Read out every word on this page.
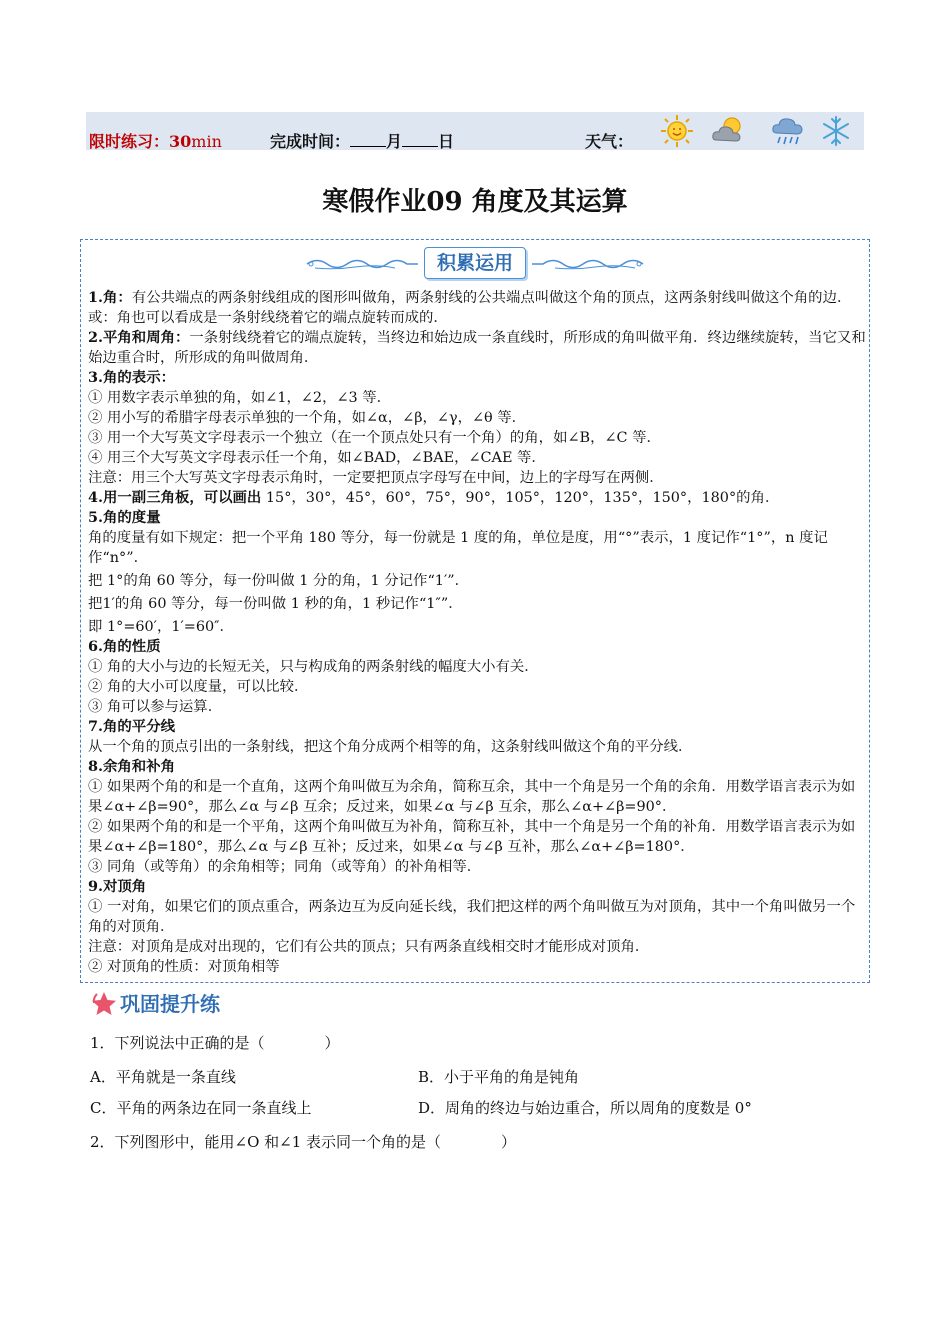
限时练习：30min	完成时间： 月 日	天气：
寒假作业09 角度及其运算
积累运用

1.角：有公共端点的两条射线组成的图形叫做角，两条射线的公共端点叫做这个角的顶点，这两条射线叫做这个角的边．或：角也可以看成是一条射线绕着它的端点旋转而成的．

2.平角和周角：一条射线绕着它的端点旋转，当终边和始边成一条直线时，所形成的角叫做平角．终边继续旋转，当它又和始边重合时，所形成的角叫做周角．

3.角的表示：

① 用数字表示单独的角，如∠1，∠2，∠3 等．

② 用小写的希腊字母表示单独的一个角，如∠α，∠β，∠γ，∠θ 等．

③ 用一个大写英文字母表示一个独立（在一个顶点处只有一个角）的角，如∠B，∠C 等．

④ 用三个大写英文字母表示任一个角，如∠BAD，∠BAE，∠CAE 等．

注意：用三个大写英文字母表示角时，一定要把顶点字母写在中间，边上的字母写在两侧．

4.用一副三角板，可以画出 15°，30°，45°，60°，75°，90°，105°，120°，135°，150°，180°的角．

5.角的度量

角的度量有如下规定：把一个平角 180 等分，每一份就是 1 度的角，单位是度，用“°”表示，1 度记作“1°”，n 度记作“n°”．

把 1°的角 60 等分，每一份叫做 1 分的角，1 分记作“1′”．

把1′的角 60 等分，每一份叫做 1 秒的角，1 秒记作“1″”．

即 1°=60′，1′=60″．

6.角的性质

① 角的大小与边的长短无关，只与构成角的两条射线的幅度大小有关．

② 角的大小可以度量，可以比较．

③ 角可以参与运算．

7.角的平分线

从一个角的顶点引出的一条射线，把这个角分成两个相等的角，这条射线叫做这个角的平分线．

8.余角和补角

① 如果两个角的和是一个直角，这两个角叫做互为余角，简称互余，其中一个角是另一个角的余角．用数学语言表示为如果∠α+∠β=90°，那么∠α 与∠β 互余；反过来，如果∠α 与∠β 互余，那么∠α+∠β=90°．

② 如果两个角的和是一个平角，这两个角叫做互为补角，简称互补，其中一个角是另一个角的补角．用数学语言表示为如果∠α+∠β=180°，那么∠α 与∠β 互补；反过来，如果∠α 与∠β 互补，那么∠α+∠β=180°．

③ 同角（或等角）的余角相等；同角（或等角）的补角相等．

9.对顶角

① 一对角，如果它们的顶点重合，两条边互为反向延长线，我们把这样的两个角叫做互为对顶角，其中一个角叫做另一个角的对顶角．

注意：对顶角是成对出现的，它们有公共的顶点；只有两条直线相交时才能形成对顶角．

② 对顶角的性质：对顶角相等

巩固提升练
1．下列说法中正确的是（　　　　）
A．平角就是一条直线	B．小于平角的角是钝角
C．平角的两条边在同一条直线上	D．周角的终边与始边重合，所以周角的度数是 0°
2．下列图形中，能用∠O 和∠1 表示同一个角的是（　　　　）
